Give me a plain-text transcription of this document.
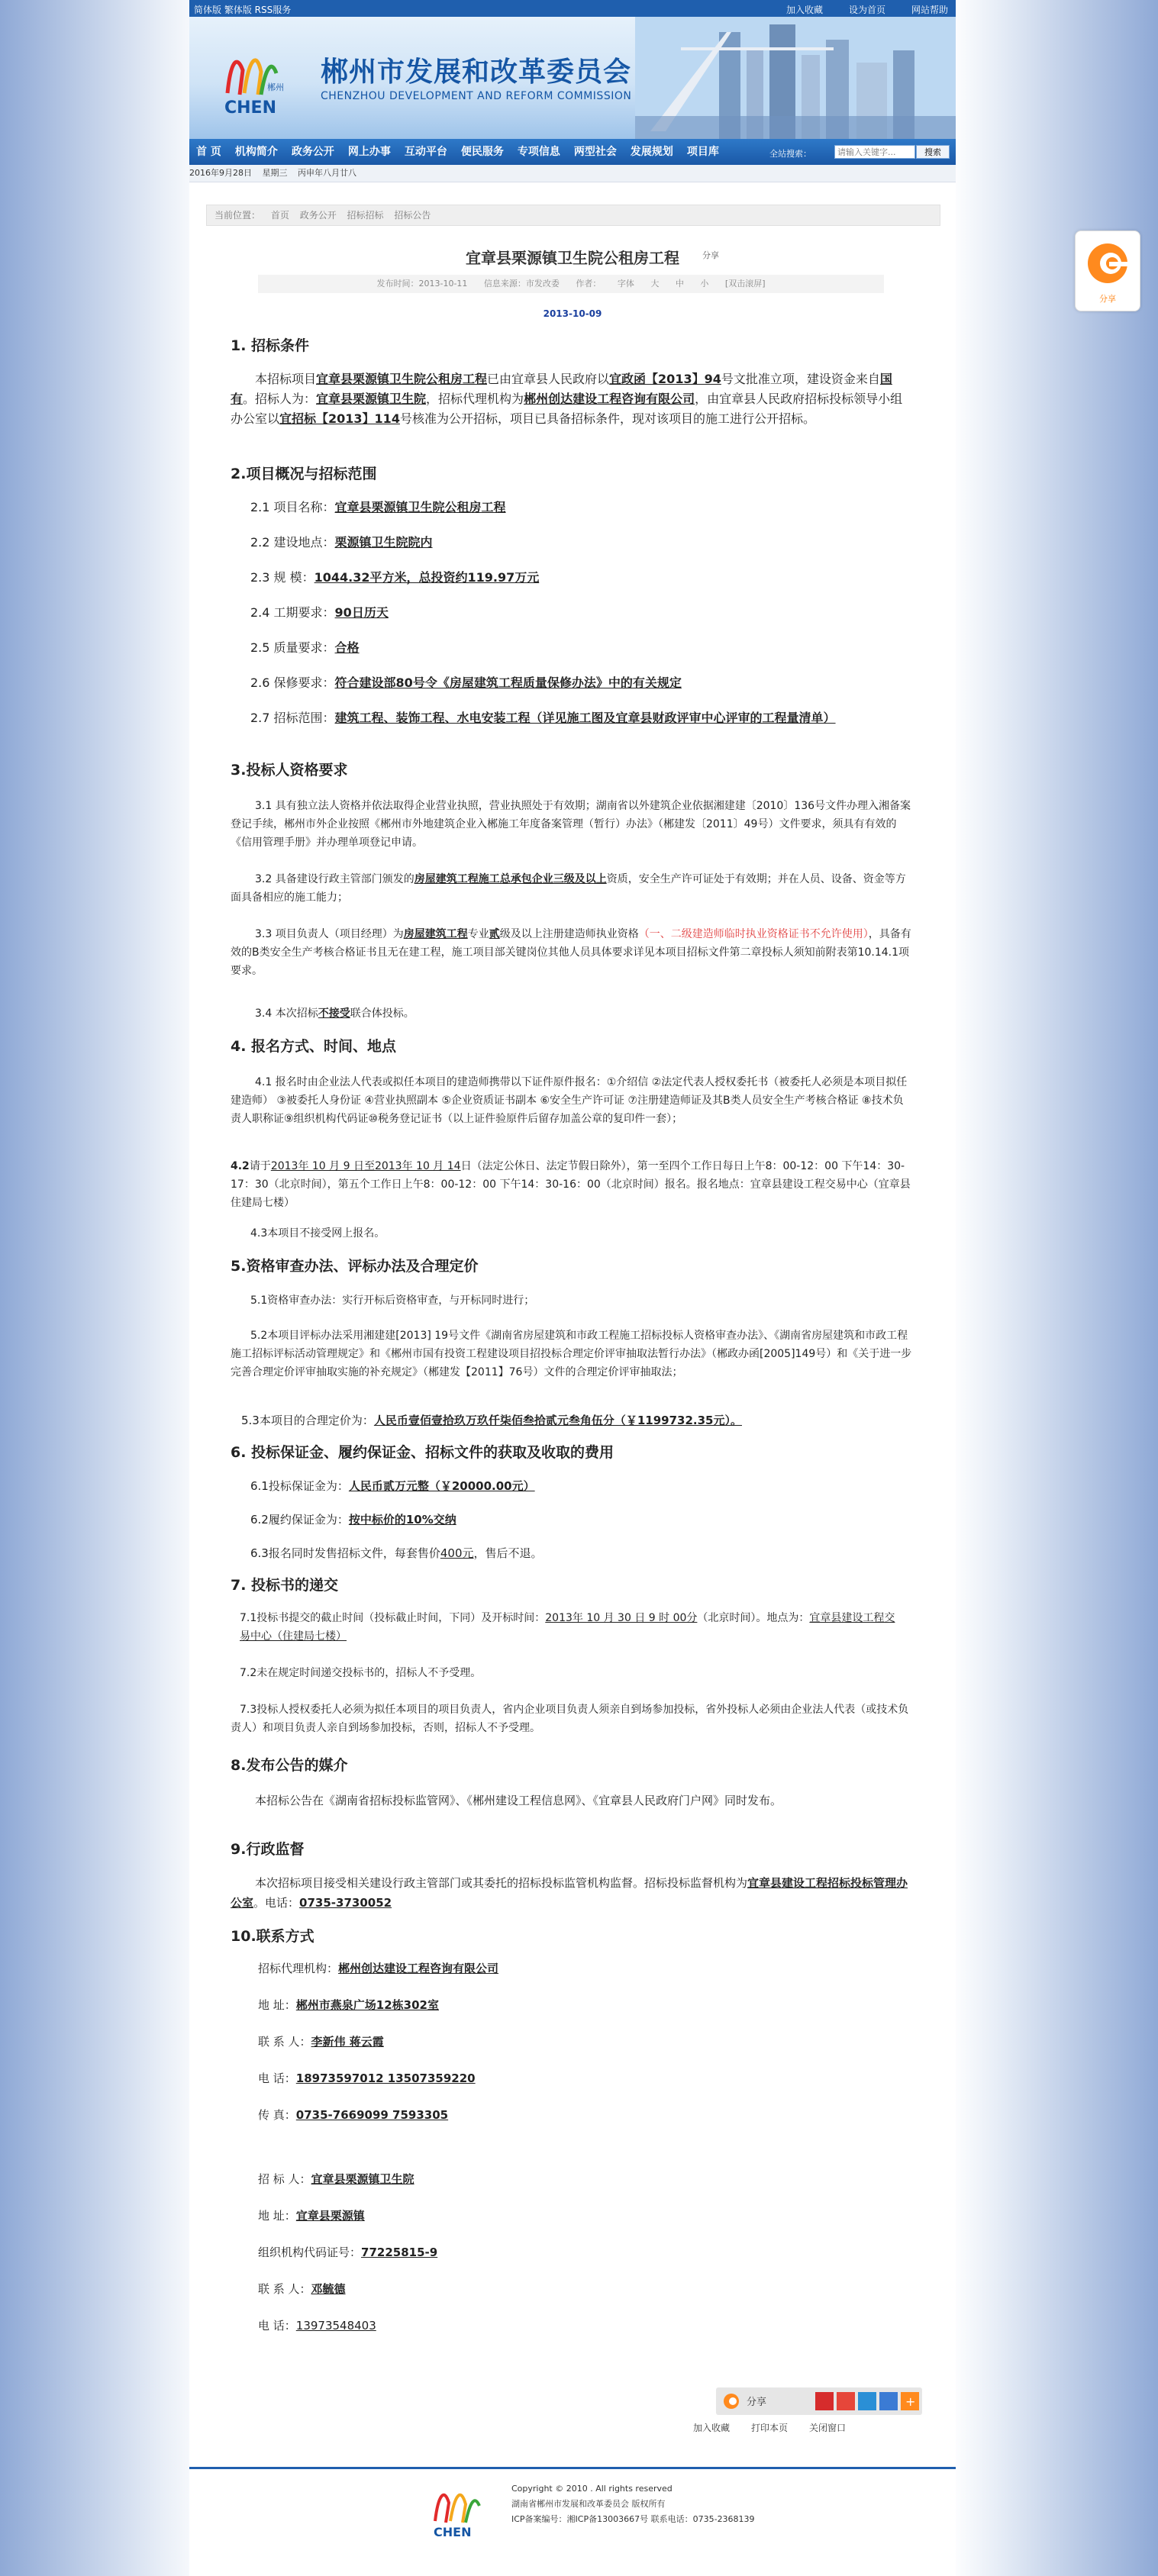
分享
简体版 繁体版 RSS服务	加入收藏	设为首页	网站帮助
郴州
CHEN
郴州市发展和改革委员会
CHENZHOU DEVELOPMENT AND REFORM COMMISSION
首 页	机构简介	政务公开	网上办事	互动平台	便民服务	专项信息	两型社会	发展规划	项目库	全站搜索：
请输入关键字...	搜索
2016年9月28日 星期三 丙申年八月廿八
当前位置： 首页 政务公开 招标招标 招标公告
宜章县栗源镇卫生院公租房工程	分享
发布时间：2013-10-11 信息来源：市发改委 作者： 字体 大 中 小 [双击滚屏]
2013-10-09
1. 招标条件
本招标项目宜章县栗源镇卫生院公租房工程已由宜章县人民政府以宜政函【2013】94号文批准立项，建设资金来自国有。招标人为：宜章县栗源镇卫生院，招标代理机构为郴州创达建设工程咨询有限公司，由宜章县人民政府招标投标领导小组办公室以宜招标【2013】114号核准为公开招标，项目已具备招标条件，现对该项目的施工进行公开招标。
2.项目概况与招标范围
2.1 项目名称：宜章县栗源镇卫生院公租房工程
2.2 建设地点：栗源镇卫生院院内
2.3 规 模：1044.32平方米，总投资约119.97万元
2.4 工期要求：90日历天
2.5 质量要求：合格
2.6 保修要求：符合建设部80号令《房屋建筑工程质量保修办法》中的有关规定
2.7 招标范围：建筑工程、装饰工程、水电安装工程（详见施工图及宜章县财政评审中心评审的工程量清单）
3.投标人资格要求
3.1 具有独立法人资格并依法取得企业营业执照，营业执照处于有效期；湖南省以外建筑企业依据湘建建〔2010〕136号文件办理入湘备案登记手续，郴州市外企业按照《郴州市外地建筑企业入郴施工年度备案管理（暂行）办法》（郴建发〔2011〕49号）文件要求，须具有有效的《信用管理手册》并办理单项登记申请。
3.2 具备建设行政主管部门颁发的房屋建筑工程施工总承包企业三级及以上资质，安全生产许可证处于有效期；并在人员、设备、资金等方面具备相应的施工能力；
3.3 项目负责人（项目经理）为房屋建筑工程专业贰级及以上注册建造师执业资格（一、二级建造师临时执业资格证书不允许使用），具备有效的B类安全生产考核合格证书且无在建工程，施工项目部关键岗位其他人员具体要求详见本项目招标文件第二章投标人须知前附表第10.14.1项要求。
3.4 本次招标不接受联合体投标。
4. 报名方式、时间、地点
4.1 报名时由企业法人代表或拟任本项目的建造师携带以下证件原件报名：①介绍信 ②法定代表人授权委托书（被委托人必须是本项目拟任建造师） ③被委托人身份证 ④营业执照副本 ⑤企业资质证书副本 ⑥安全生产许可证 ⑦注册建造师证及其B类人员安全生产考核合格证 ⑧技术负责人职称证⑨组织机构代码证⑩税务登记证书（以上证件验原件后留存加盖公章的复印件一套）；
4.2请于2013年 10 月 9 日至2013年 10 月 14日（法定公休日、法定节假日除外），第一至四个工作日每日上午8：00-12：00 下午14：30-17：30（北京时间），第五个工作日上午8：00-12：00 下午14：30-16：00（北京时间）报名。报名地点：宜章县建设工程交易中心（宜章县住建局七楼）
4.3本项目不接受网上报名。
5.资格审查办法、评标办法及合理定价
5.1资格审查办法：实行开标后资格审查，与开标同时进行；
5.2本项目评标办法采用湘建建[2013] 19号文件《湖南省房屋建筑和市政工程施工招标投标人资格审查办法》、《湖南省房屋建筑和市政工程施工招标评标活动管理规定》和《郴州市国有投资工程建设项目招投标合理定价评审抽取法暂行办法》（郴政办函[2005]149号）和《关于进一步完善合理定价评审抽取实施的补充规定》（郴建发【2011】76号）文件的合理定价评审抽取法；
5.3本项目的合理定价为：人民币壹佰壹拾玖万玖仟柒佰叁拾贰元叁角伍分（￥1199732.35元）。
6. 投标保证金、履约保证金、招标文件的获取及收取的费用
6.1投标保证金为：人民币贰万元整（￥20000.00元）
6.2履约保证金为：按中标价的10%交纳
6.3报名同时发售招标文件，每套售价400元，售后不退。
7. 投标书的递交
7.1投标书提交的截止时间（投标截止时间，下同）及开标时间：2013年 10 月 30 日 9 时 00分（北京时间）。地点为：宜章县建设工程交易中心（住建局七楼）
7.2未在规定时间递交投标书的，招标人不予受理。
7.3投标人授权委托人必须为拟任本项目的项目负责人，省内企业项目负责人须亲自到场参加投标，省外投标人必须由企业法人代表（或技术负责人）和项目负责人亲自到场参加投标，否则，招标人不予受理。
8.发布公告的媒介
本招标公告在《湖南省招标投标监管网》、《郴州建设工程信息网》、《宜章县人民政府门户网》同时发布。
9.行政监督
本次招标项目接受相关建设行政主管部门或其委托的招标投标监管机构监督。招标投标监督机构为宜章县建设工程招标投标管理办公室。电话：0735-3730052
10.联系方式
招标代理机构：郴州创达建设工程咨询有限公司
地 址：郴州市燕泉广场12栋302室
联 系 人：李新伟 蒋云霞
电 话：18973597012 13507359220
传 真：0735-7669099 7593305
招 标 人：宜章县栗源镇卫生院
地 址：宜章县栗源镇
组织机构代码证号：77225815-9
联 系 人：邓毓德
电 话：13973548403
分享	+
加入收藏 打印本页 关闭窗口
CHEN
Copyright © 2010 . All rights reserved
湖南省郴州市发展和改革委员会 版权所有
ICP备案编号：湘ICP备13003667号 联系电话：0735-2368139
